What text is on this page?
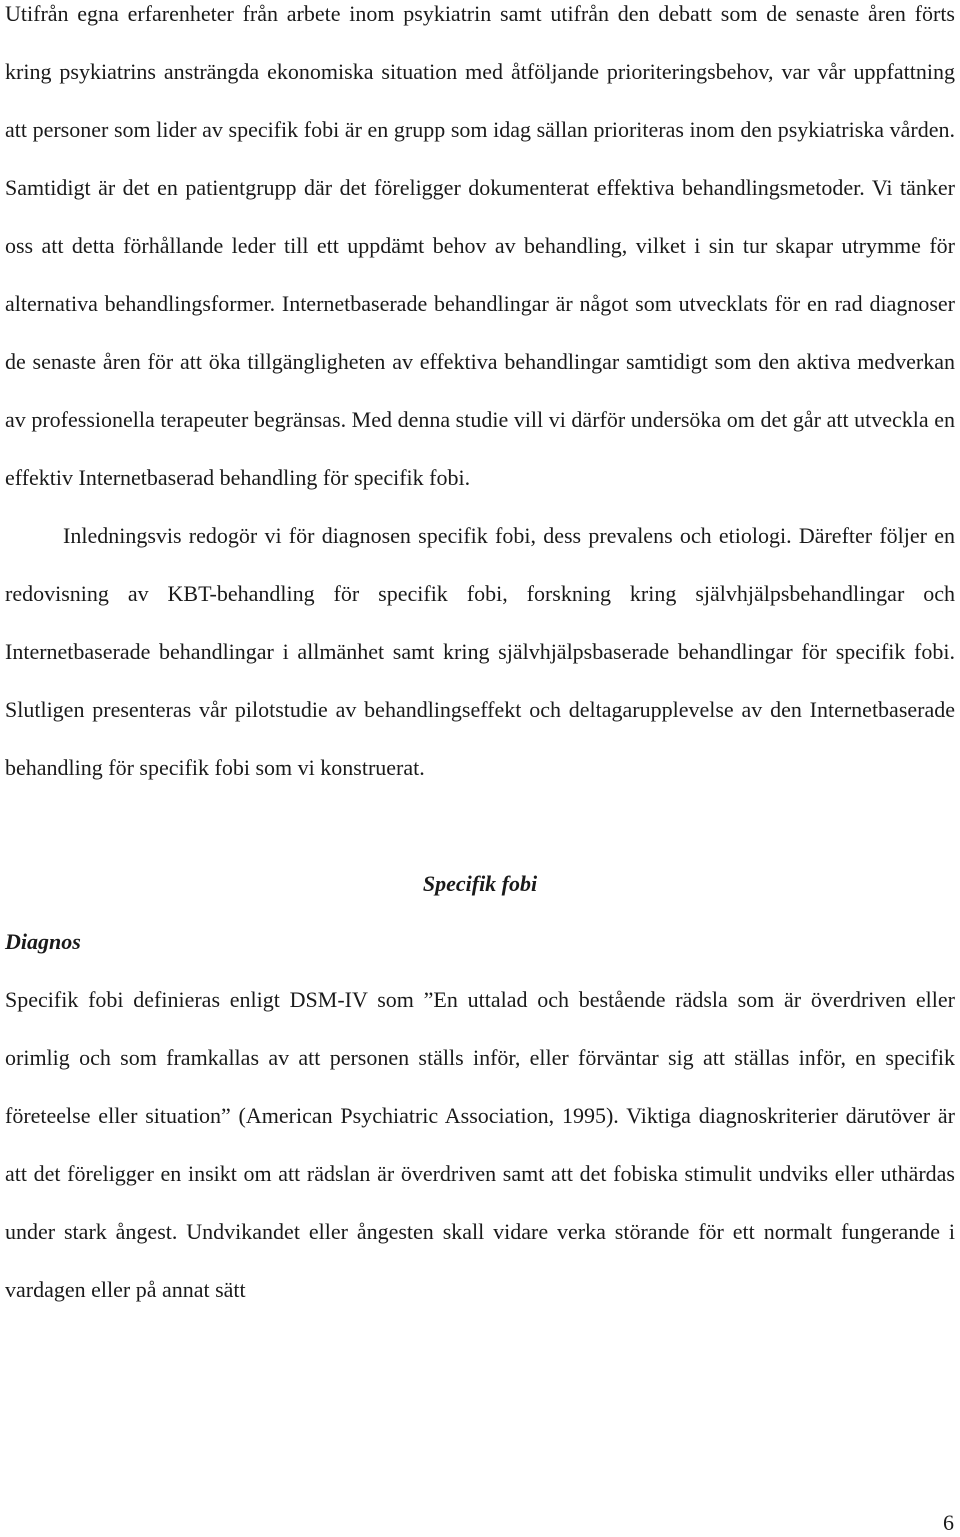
Utifrån egna erfarenheter från arbete inom psykiatrin samt utifrån den debatt som de senaste åren förts kring psykiatrins ansträngda ekonomiska situation med åtföljande prioriteringsbehov, var vår uppfattning att personer som lider av specifik fobi är en grupp som idag sällan prioriteras inom den psykiatriska vården. Samtidigt är det en patientgrupp där det föreligger dokumenterat effektiva behandlingsmetoder. Vi tänker oss att detta förhållande leder till ett uppdämt behov av behandling, vilket i sin tur skapar utrymme för alternativa behandlingsformer. Internetbaserade behandlingar är något som utvecklats för en rad diagnoser de senaste åren för att öka tillgängligheten av effektiva behandlingar samtidigt som den aktiva medverkan av professionella terapeuter begränsas. Med denna studie vill vi därför undersöka om det går att utveckla en effektiv Internetbaserad behandling för specifik fobi.

Inledningsvis redogör vi för diagnosen specifik fobi, dess prevalens och etiologi. Därefter följer en redovisning av KBT-behandling för specifik fobi, forskning kring självhjälpsbehandlingar och Internetbaserade behandlingar i allmänhet samt kring självhjälpsbaserade behandlingar för specifik fobi. Slutligen presenteras vår pilotstudie av behandlingseffekt och deltagarupplevelse av den Internetbaserade behandling för specifik fobi som vi konstruerat.

Specifik fobi
Diagnos

Specifik fobi definieras enligt DSM-IV som ”En uttalad och bestående rädsla som är överdriven eller orimlig och som framkallas av att personen ställs inför, eller förväntar sig att ställas inför, en specifik företeelse eller situation” (American Psychiatric Association, 1995). Viktiga diagnoskriterier därutöver är att det föreligger en insikt om att rädslan är överdriven samt att det fobiska stimulit undviks eller uthärdas under stark ångest. Undvikandet eller ångesten skall vidare verka störande för ett normalt fungerande i vardagen eller på annat sätt

6
